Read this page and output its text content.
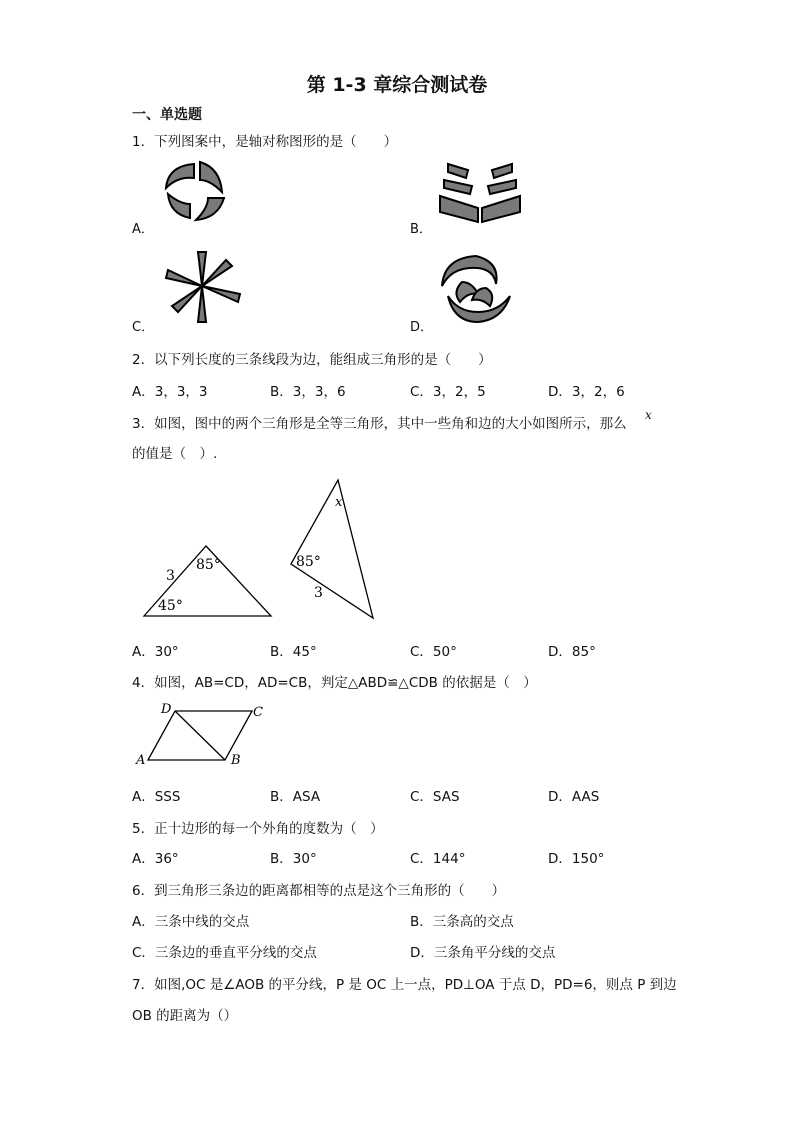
第 1-3 章综合测试卷
一、单选题
1．下列图案中，是轴对称图形的是（　　）
A．	B．
C．	D．
2．以下列长度的三条线段为边，能组成三角形的是（　　）
A．3，3，3	B．3，3，6	C．3，2，5	D．3，2，6
3．如图，图中的两个三角形是全等三角形，其中一些角和边的大小如图所示，那么
x
的值是（　）.
3
85°
45°
85°
3
x
A．30°	B．45°	C．50°	D．85°
4．如图，AB=CD，AD=CB，判定△ABD≌△CDB 的依据是（　）
A	B
C
D
A．SSS	B．ASA	C．SAS	D．AAS
5．正十边形的每一个外角的度数为（　）
A．36°	B．30°	C．144°	D．150°
6．到三角形三条边的距离都相等的点是这个三角形的（　　）
A．三条中线的交点	B．三条高的交点
C．三条边的垂直平分线的交点	D．三条角平分线的交点
7．如图,OC 是∠AOB 的平分线，P 是 OC 上一点，PD⊥OA 于点 D，PD=6，则点 P 到边
OB 的距离为（）
